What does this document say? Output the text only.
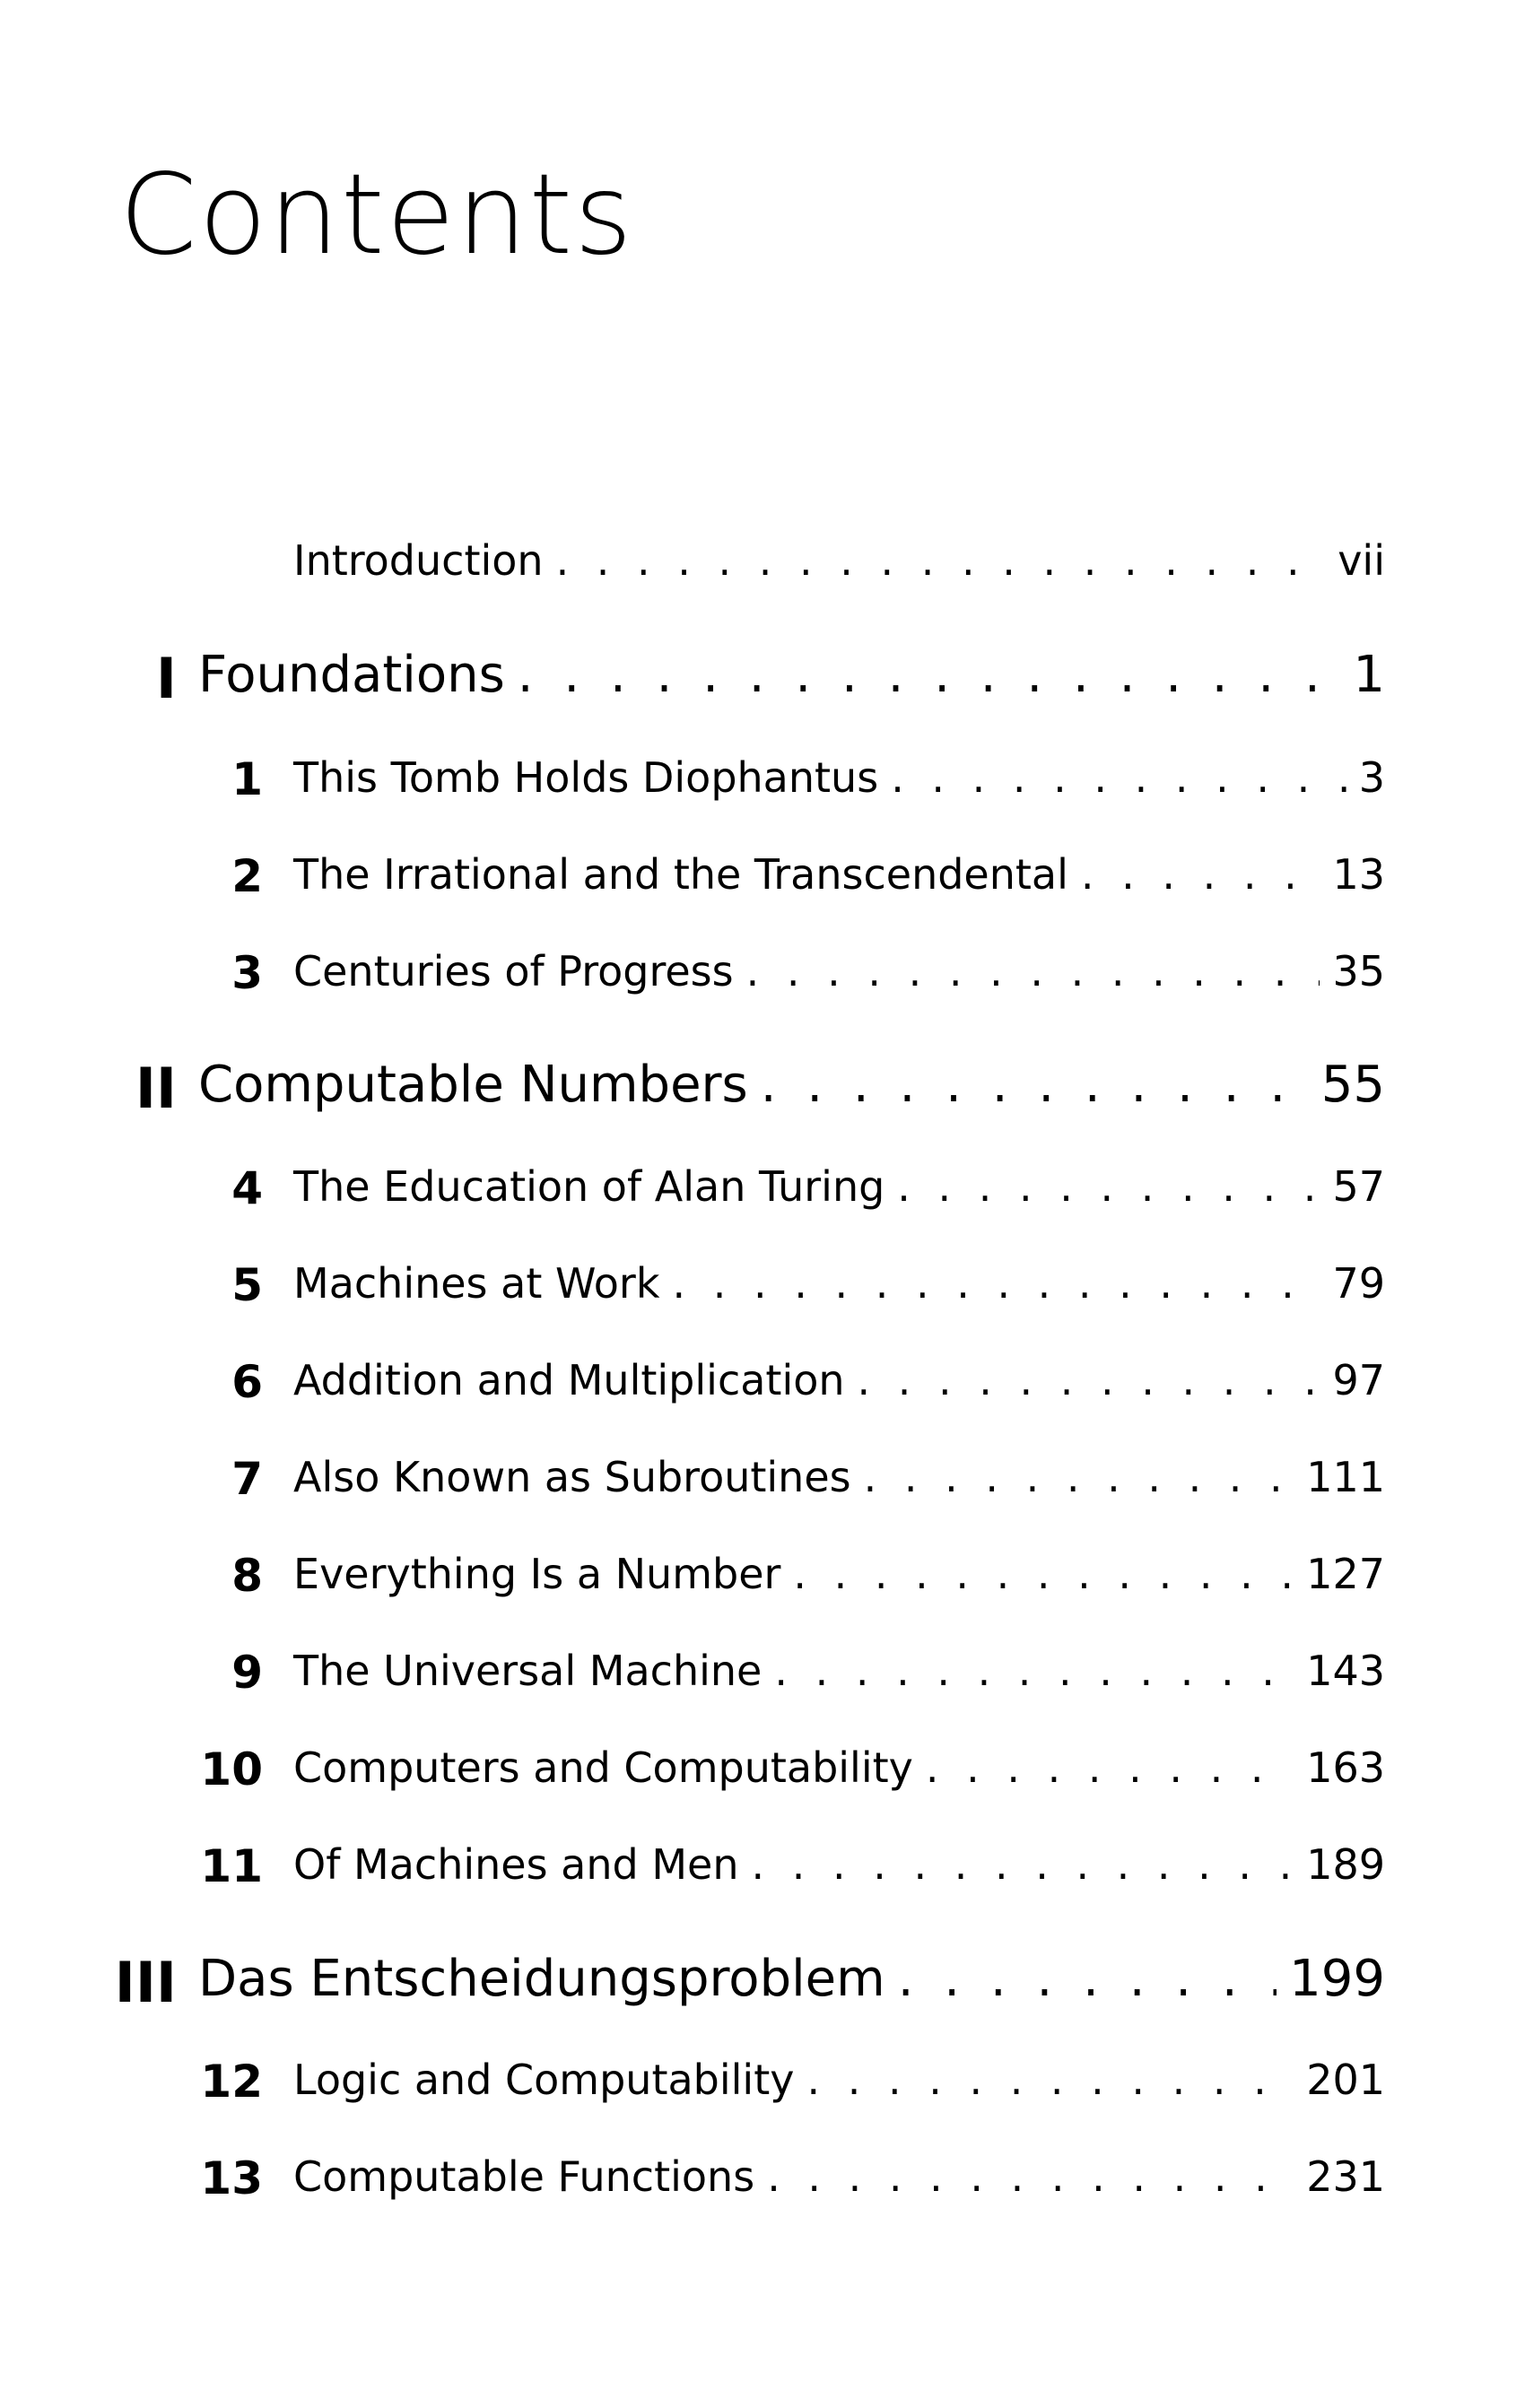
Contents
Introduction . . .	vii
I Foundations . . .	1
1 This Tomb Holds Diophantus . . .	3
2 The Irrational and the Transcendental . . .	13
3 Centuries of Progress . . .	35
II Computable Numbers . . .	55
4 The Education of Alan Turing . . .	57
5 Machines at Work . . .	79
6 Addition and Multiplication . . .	97
7 Also Known as Subroutines . . .	111
8 Everything Is a Number . . .	127
9 The Universal Machine . . .	143
10 Computers and Computability . . .	163
11 Of Machines and Men . . .	189
III Das Entscheidungsproblem . . .	199
12 Logic and Computability . . .	201
13 Computable Functions . . .	231
